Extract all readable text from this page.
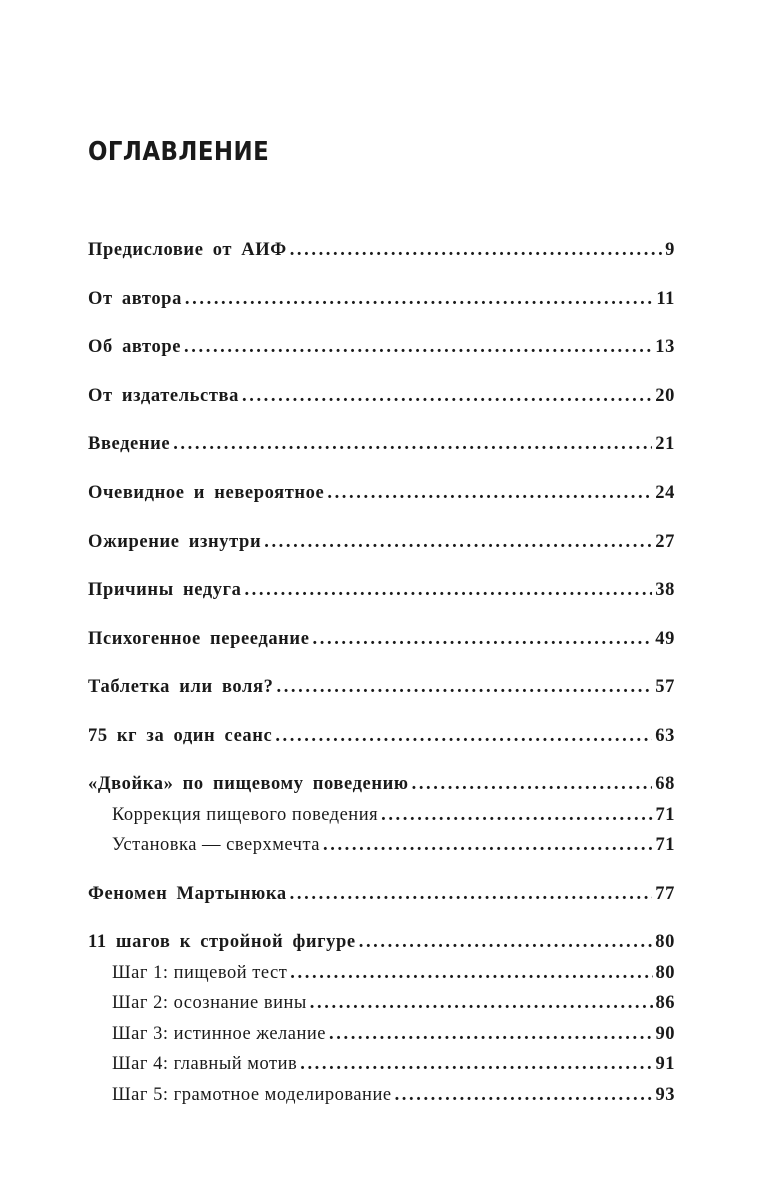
ОГЛАВЛЕНИЕ
Предисловие от АИФ .....	9
От автора .....	11
Об авторе .....	13
От издательства .....	20
Введение .....	21
Очевидное и невероятное .....	24
Ожирение изнутри .....	27
Причины недуга .....	38
Психогенное переедание .....	49
Таблетка или воля? .....	57
75 кг за один сеанс .....	63
«Двойка» по пищевому поведению .....	68
Коррекция пищевого поведения .....	71
Установка — сверхмечта .....	71
Феномен Мартынюка .....	77
11 шагов к стройной фигуре .....	80
Шаг 1: пищевой тест .....	80
Шаг 2: осознание вины .....	86
Шаг 3: истинное желание .....	90
Шаг 4: главный мотив .....	91
Шаг 5: грамотное моделирование .....	93
